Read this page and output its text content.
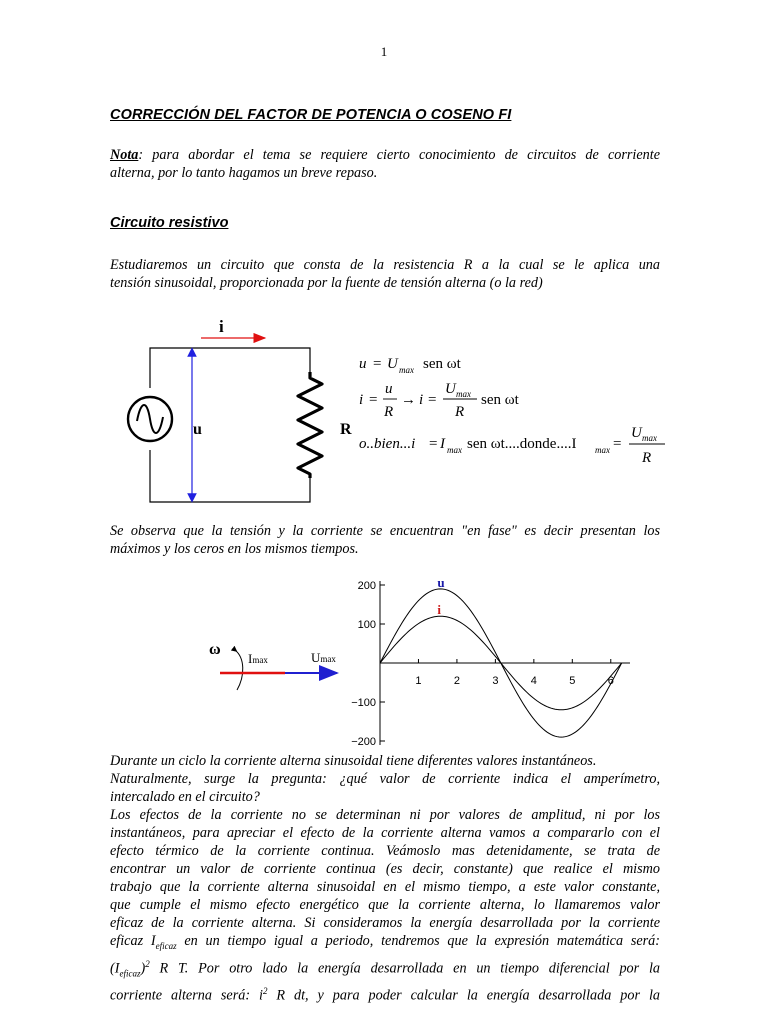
1
CORRECCIÓN DEL FACTOR DE POTENCIA O COSENO FI
Nota: para abordar el tema se requiere cierto conocimiento de circuitos de corriente
alterna, por lo tanto hagamos un breve repaso.
Circuito resistivo
Estudiaremos un circuito que consta de la resistencia R a la cual se le aplica una
tensión sinusoidal, proporcionada por la fuente de tensión alterna (o la red)
i
u	R
u = U max sen ωt
i =
u
R
→ i =
U max
R
sen ωt
o..bien...i = I max sen ωt....donde....I max =
U max
R
Se observa que la tensión y la corriente se encuentran "en fase" es decir presentan los
máximos y los ceros en los mismos tiempos.
ω
Imax	Umax
200
100
−100
−200
1	2	3	4	5	6
u
i
Durante un ciclo la corriente alterna sinusoidal tiene diferentes valores instantáneos.
Naturalmente, surge la pregunta: ¿qué valor de corriente indica el amperímetro,
intercalado en el circuito?
Los efectos de la corriente no se determinan ni por valores de amplitud, ni por los
instantáneos, para apreciar el efecto de la corriente alterna vamos a compararlo con el
efecto térmico de la corriente continua. Veámoslo mas detenidamente, se trata de
encontrar un valor de corriente continua (es decir, constante) que realice el mismo
trabajo que la corriente alterna sinusoidal en el mismo tiempo, a este valor constante,
que cumple el mismo efecto energético que la corriente alterna, lo llamaremos valor
eficaz de la corriente alterna. Si consideramos la energía desarrollada por la corriente
eficaz $I_{eficaz}$ en un tiempo igual a periodo, tendremos que la expresión matemática será:
$(I_{eficaz})^2$ R T. Por otro lado la energía desarrollada en un tiempo diferencial por la
corriente alterna será: $i^2$ R dt, y para poder calcular la energía desarrollada por la
